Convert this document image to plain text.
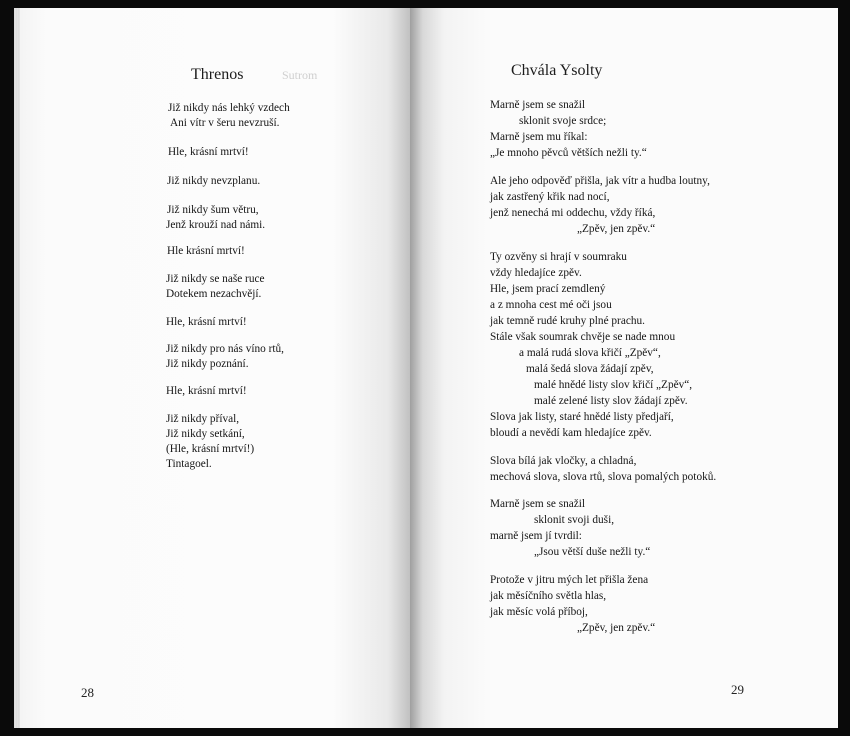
Threnos	Sutrom
Již nikdy nás lehký vzdech
Ani vítr v šeru nevzruší.
Hle, krásní mrtví!
Již nikdy nevzplanu.
Již nikdy šum větru,
Jenž krouží nad námi.
Hle krásní mrtví!
Již nikdy se naše ruce
Dotekem nezachvějí.
Hle, krásní mrtví!
Již nikdy pro nás víno rtů,
Již nikdy poznání.
Hle, krásní mrtví!
Již nikdy příval,
Již nikdy setkání,
(Hle, krásní mrtví!)
Tintagoel.
28
Chvála Ysolty
Marně jsem se snažil
sklonit svoje srdce;
Marně jsem mu říkal:
„Je mnoho pěvců větších nežli ty.“
Ale jeho odpověď přišla, jak vítr a hudba loutny,
jak zastřený křik nad nocí,
jenž nenechá mi oddechu, vždy říká,
„Zpěv, jen zpěv.“
Ty ozvěny si hrají v soumraku
vždy hledajíce zpěv.
Hle, jsem prací zemdlený
a z mnoha cest mé oči jsou
jak temně rudé kruhy plné prachu.
Stále však soumrak chvěje se nade mnou
a malá rudá slova křičí „Zpěv“,
malá šedá slova žádají zpěv,
malé hnědé listy slov křičí „Zpěv“,
malé zelené listy slov žádají zpěv.
Slova jak listy, staré hnědé listy předjaří,
bloudí a nevědí kam hledajíce zpěv.
Slova bílá jak vločky, a chladná,
mechová slova, slova rtů, slova pomalých potoků.
Marně jsem se snažil
sklonit svoji duši,
marně jsem jí tvrdil:
„Jsou větší duše nežli ty.“
Protože v jitru mých let přišla žena
jak měsíčního světla hlas,
jak měsíc volá příboj,
„Zpěv, jen zpěv.“
29
